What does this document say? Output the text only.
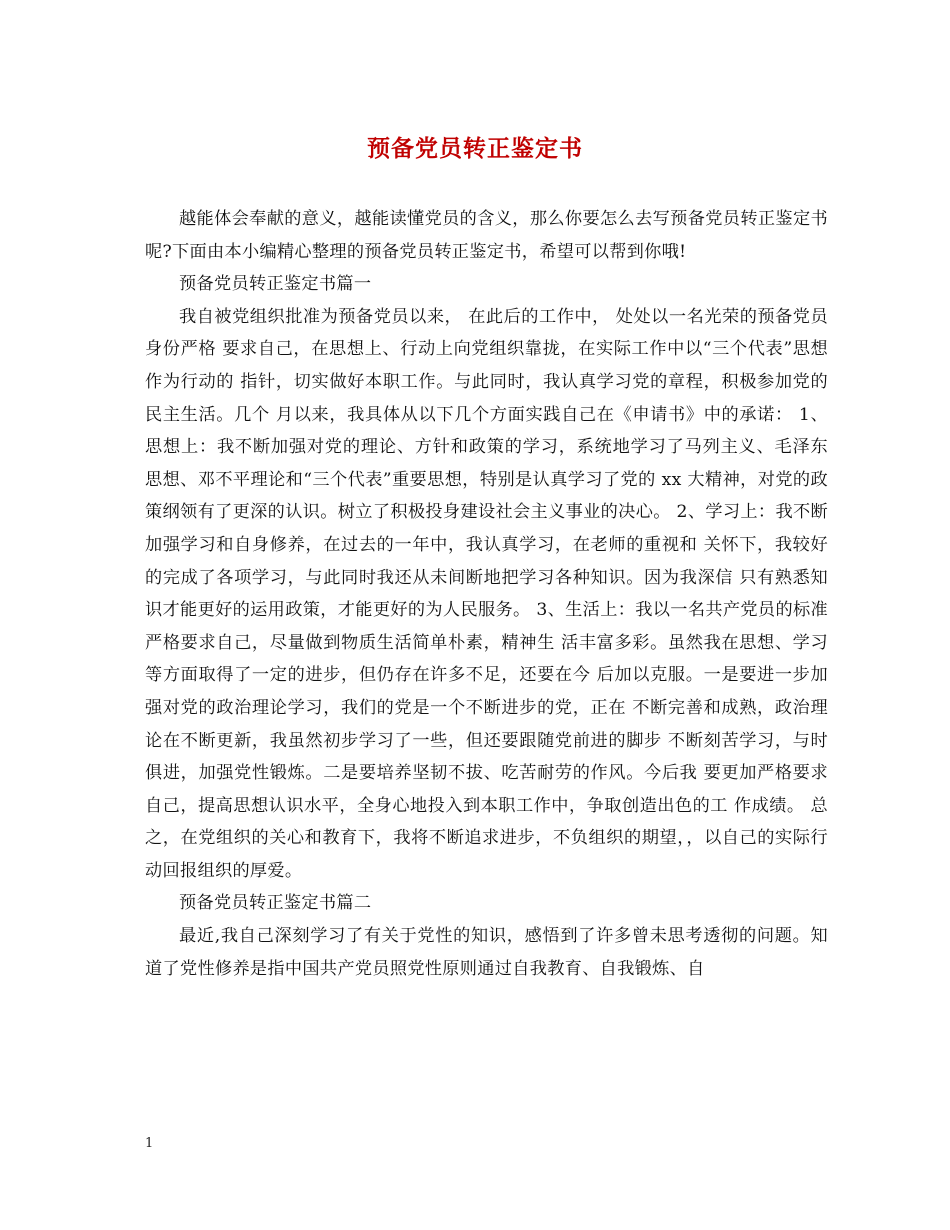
预备党员转正鉴定书

越能体会奉献的意义，越能读懂党员的含义，那么你要怎么去写预备党员转正鉴定书呢?下面由本小编精心整理的预备党员转正鉴定书，希望可以帮到你哦!

预备党员转正鉴定书篇一

我自被党组织批准为预备党员以来， 在此后的工作中， 处处以一名光荣的预备党员身份严格 要求自己，在思想上、行动上向党组织靠拢，在实际工作中以“三个代表”思想作为行动的 指针，切实做好本职工作。与此同时，我认真学习党的章程，积极参加党的民主生活。几个 月以来，我具体从以下几个方面实践自己在《申请书》中的承诺： 1、思想上：我不断加强对党的理论、方针和政策的学习，系统地学习了马列主义、毛泽东 思想、邓不平理论和“三个代表”重要思想，特别是认真学习了党的 xx 大精神，对党的政 策纲领有了更深的认识。树立了积极投身建设社会主义事业的决心。 2、学习上：我不断加强学习和自身修养，在过去的一年中，我认真学习，在老师的重视和 关怀下，我较好的完成了各项学习，与此同时我还从未间断地把学习各种知识。因为我深信 只有熟悉知识才能更好的运用政策，才能更好的为人民服务。 3、生活上：我以一名共产党员的标准严格要求自己，尽量做到物质生活简单朴素，精神生 活丰富多彩。虽然我在思想、学习等方面取得了一定的进步，但仍存在许多不足，还要在今 后加以克服。一是要进一步加强对党的政治理论学习，我们的党是一个不断进步的党，正在 不断完善和成熟，政治理论在不断更新，我虽然初步学习了一些，但还要跟随党前进的脚步 不断刻苦学习，与时俱进，加强党性锻炼。二是要培养坚韧不拔、吃苦耐劳的作风。今后我 要更加严格要求自己，提高思想认识水平，全身心地投入到本职工作中，争取创造出色的工 作成绩。 总之，在党组织的关心和教育下，我将不断追求进步，不负组织的期望，，以自己的实际行 动回报组织的厚爱。

预备党员转正鉴定书篇二

最近,我自己深刻学习了有关于党性的知识，感悟到了许多曾未思考透彻的问题。知道了党性修养是指中国共产党员照党性原则通过自我教育、自我锻炼、自

1
